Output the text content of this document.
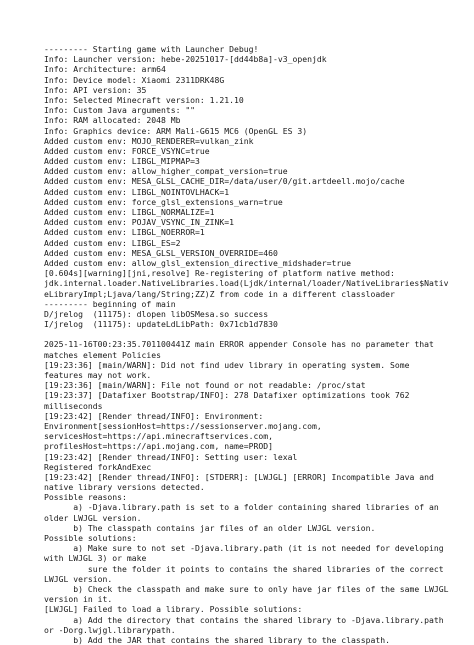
--------- Starting game with Launcher Debug!
Info: Launcher version: hebe-20251017-[dd44b8a]-v3_openjdk
Info: Architecture: arm64
Info: Device model: Xiaomi 2311DRK48G
Info: API version: 35
Info: Selected Minecraft version: 1.21.10
Info: Custom Java arguments: ""
Info: RAM allocated: 2048 Mb
Info: Graphics device: ARM Mali-G615 MC6 (OpenGL ES 3)
Added custom env: MOJO_RENDERER=vulkan_zink
Added custom env: FORCE_VSYNC=true
Added custom env: LIBGL_MIPMAP=3
Added custom env: allow_higher_compat_version=true
Added custom env: MESA_GLSL_CACHE_DIR=/data/user/0/git.artdeell.mojo/cache
Added custom env: LIBGL_NOINTOVLHACK=1
Added custom env: force_glsl_extensions_warn=true
Added custom env: LIBGL_NORMALIZE=1
Added custom env: POJAV_VSYNC_IN_ZINK=1
Added custom env: LIBGL_NOERROR=1
Added custom env: LIBGL_ES=2
Added custom env: MESA_GLSL_VERSION_OVERRIDE=460
Added custom env: allow_glsl_extension_directive_midshader=true
[0.604s][warning][jni,resolve] Re-registering of platform native method:
jdk.internal.loader.NativeLibraries.load(Ljdk/internal/loader/NativeLibraries$Nativ
eLibraryImpl;Ljava/lang/String;ZZ)Z from code in a different classloader
--------- beginning of main
D/jrelog  (11175): dlopen libOSMesa.so success
I/jrelog  (11175): updateLdLibPath: 0x71cb1d7830
2025-11-16T00:23:35.701100441Z main ERROR appender Console has no parameter that
matches element Policies
[19:23:36] [main/WARN]: Did not find udev library in operating system. Some
features may not work.
[19:23:36] [main/WARN]: File not found or not readable: /proc/stat
[19:23:37] [Datafixer Bootstrap/INFO]: 278 Datafixer optimizations took 762
milliseconds
[19:23:42] [Render thread/INFO]: Environment:
Environment[sessionHost=https://sessionserver.mojang.com,
servicesHost=https://api.minecraftservices.com,
profilesHost=https://api.mojang.com, name=PROD]
[19:23:42] [Render thread/INFO]: Setting user: lexal
Registered forkAndExec
[19:23:42] [Render thread/INFO]: [STDERR]: [LWJGL] [ERROR] Incompatible Java and
native library versions detected.
Possible reasons:
a) -Djava.library.path is set to a folder containing shared libraries of an
older LWJGL version.
b) The classpath contains jar files of an older LWJGL version.
Possible solutions:
a) Make sure to not set -Djava.library.path (it is not needed for developing
with LWJGL 3) or make
sure the folder it points to contains the shared libraries of the correct
LWJGL version.
b) Check the classpath and make sure to only have jar files of the same LWJGL
version in it.
[LWJGL] Failed to load a library. Possible solutions:
a) Add the directory that contains the shared library to -Djava.library.path
or -Dorg.lwjgl.librarypath.
b) Add the JAR that contains the shared library to the classpath.
